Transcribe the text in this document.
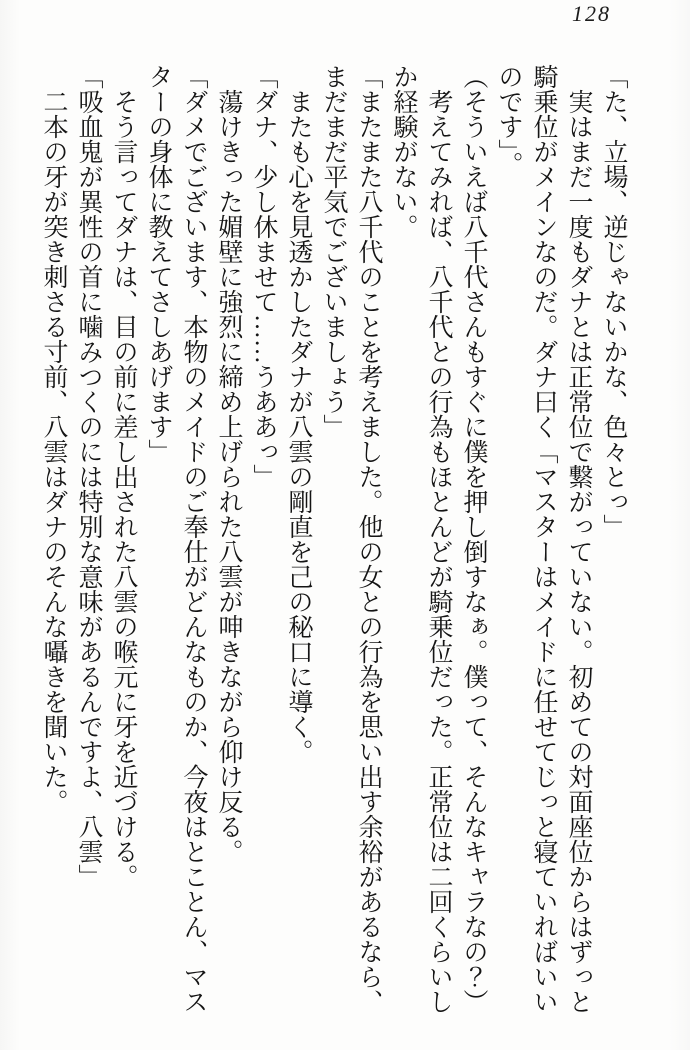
128

「た、立場、逆じゃないかな、色々とっ」

実はまだ一度もダナとは正常位で繋がっていない。初めての対面座位からはずっと騎乗位がメインなのだ。ダナ曰く「マスターはメイドに任せてじっと寝ていればいいのです」。

（そういえば八千代さんもすぐに僕を押し倒すなぁ。僕って、そんなキャラなの？）

考えてみれば、八千代との行為もほとんどが騎乗位だった。正常位は二回くらいしか経験がない。

「またまた八千代のことを考えました。他の女との行為を思い出す余裕があるなら、まだまだ平気でございましょう」

またも心を見透かしたダナが八雲の剛直を己の秘口に導く。

「ダナ、少し休ませて……うああっ」

蕩けきった媚壁に強烈に締め上げられた八雲が呻きながら仰け反る。

「ダメでございます、本物のメイドのご奉仕がどんなものか、今夜はとことん、マスターの身体に教えてさしあげます」

そう言ってダナは、目の前に差し出された八雲の喉元に牙を近づける。

「吸血鬼が異性の首に噛みつくのには特別な意味があるんですよ、八雲」

二本の牙が突き刺さる寸前、八雲はダナのそんな囁きを聞いた。
